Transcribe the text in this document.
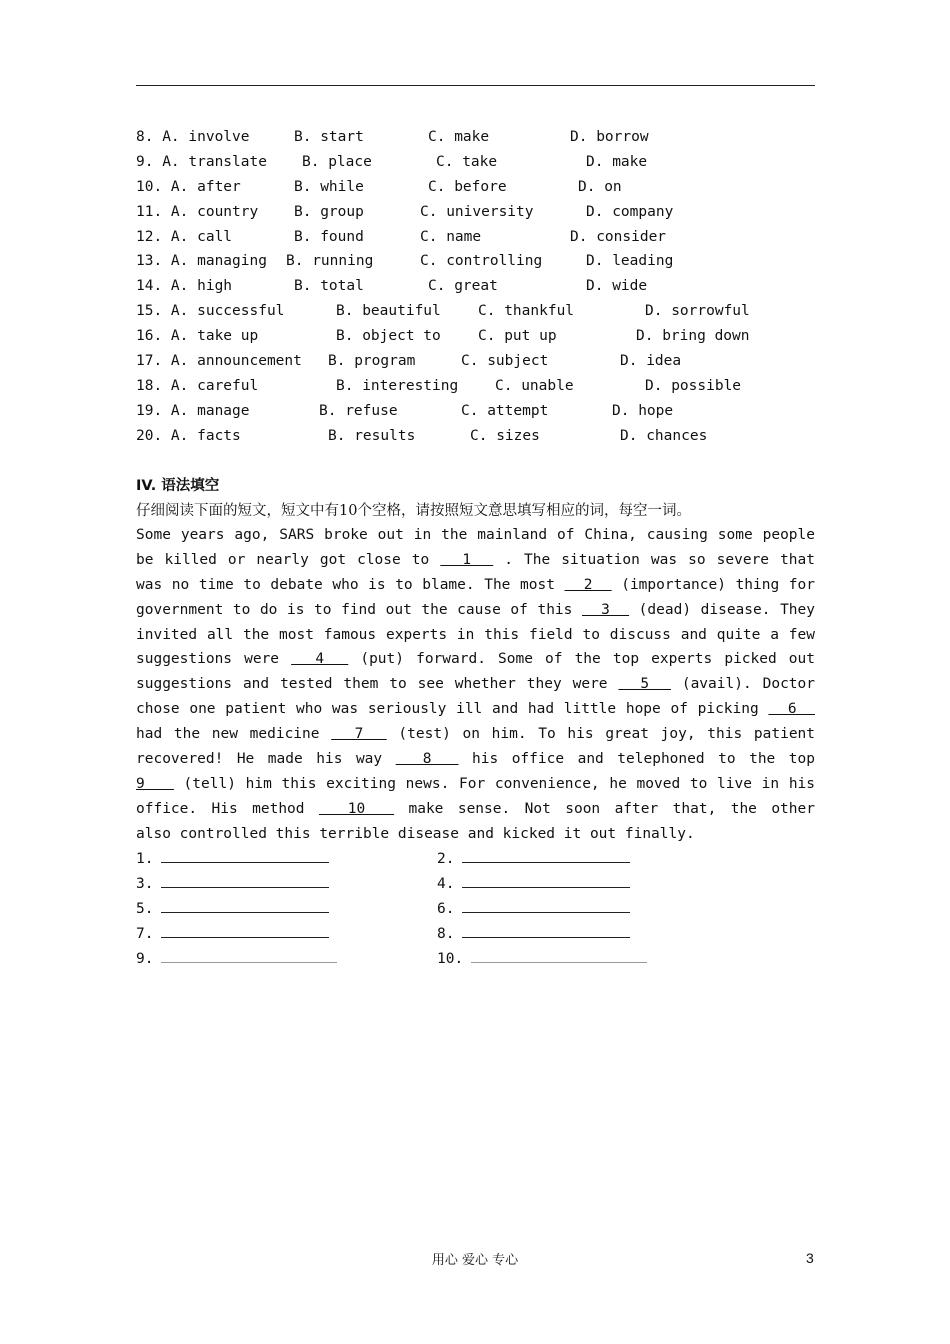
8. A. involve	B. start	C. make	D. borrow
9. A. translate B. place	C. take	D. make
10. A. after	B. while	C. before	D. on
11. A. country B. group	C. university	D. company
12. A. call	B. found	C. name	D. consider
13. A. managing B. running	C. controlling	D. leading
14. A. high	B. total	C. great	D. wide
15. A. successful	B. beautiful	C. thankful	D. sorrowful
16. A. take up	B. object to	C. put up	D. bring down
17. A. announcement B. program	C. subject	D. idea
18. A. careful	B. interesting	C. unable	D. possible
19. A. manage	B. refuse	C. attempt	D. hope
20. A. facts	B. results	C. sizes	D. chances
IV. 语法填空
仔细阅读下面的短文，短文中有10个空格，请按照短文意思填写相应的词，每空一词。
Some years ago, SARS broke out in the mainland of China, causing some people
be killed or nearly got close to   1   . The situation was so severe that
was no time to debate who is to blame. The most   2   (importance) thing for
government to do is to find out the cause of this   3   (dead) disease. They
invited all the most famous experts in this field to discuss and quite a few
suggestions were   4   (put) forward. Some of the top experts picked out
suggestions and tested them to see whether they were   5   (avail). Doctor
chose one patient who was seriously ill and had little hope of picking   6
had the new medicine   7   (test) on him. To his great joy, this patient
recovered! He made his way   8   his office and telephoned to the top
9    (tell) him this exciting news. For convenience, he moved to live in his
office. His method   10   make sense. Not soon after that, the other
also controlled this terrible disease and kicked it out finally.
1.	2.
3.	4.
5.	6.
7.	8.
9.	10.
用心 爱心 专心	3
